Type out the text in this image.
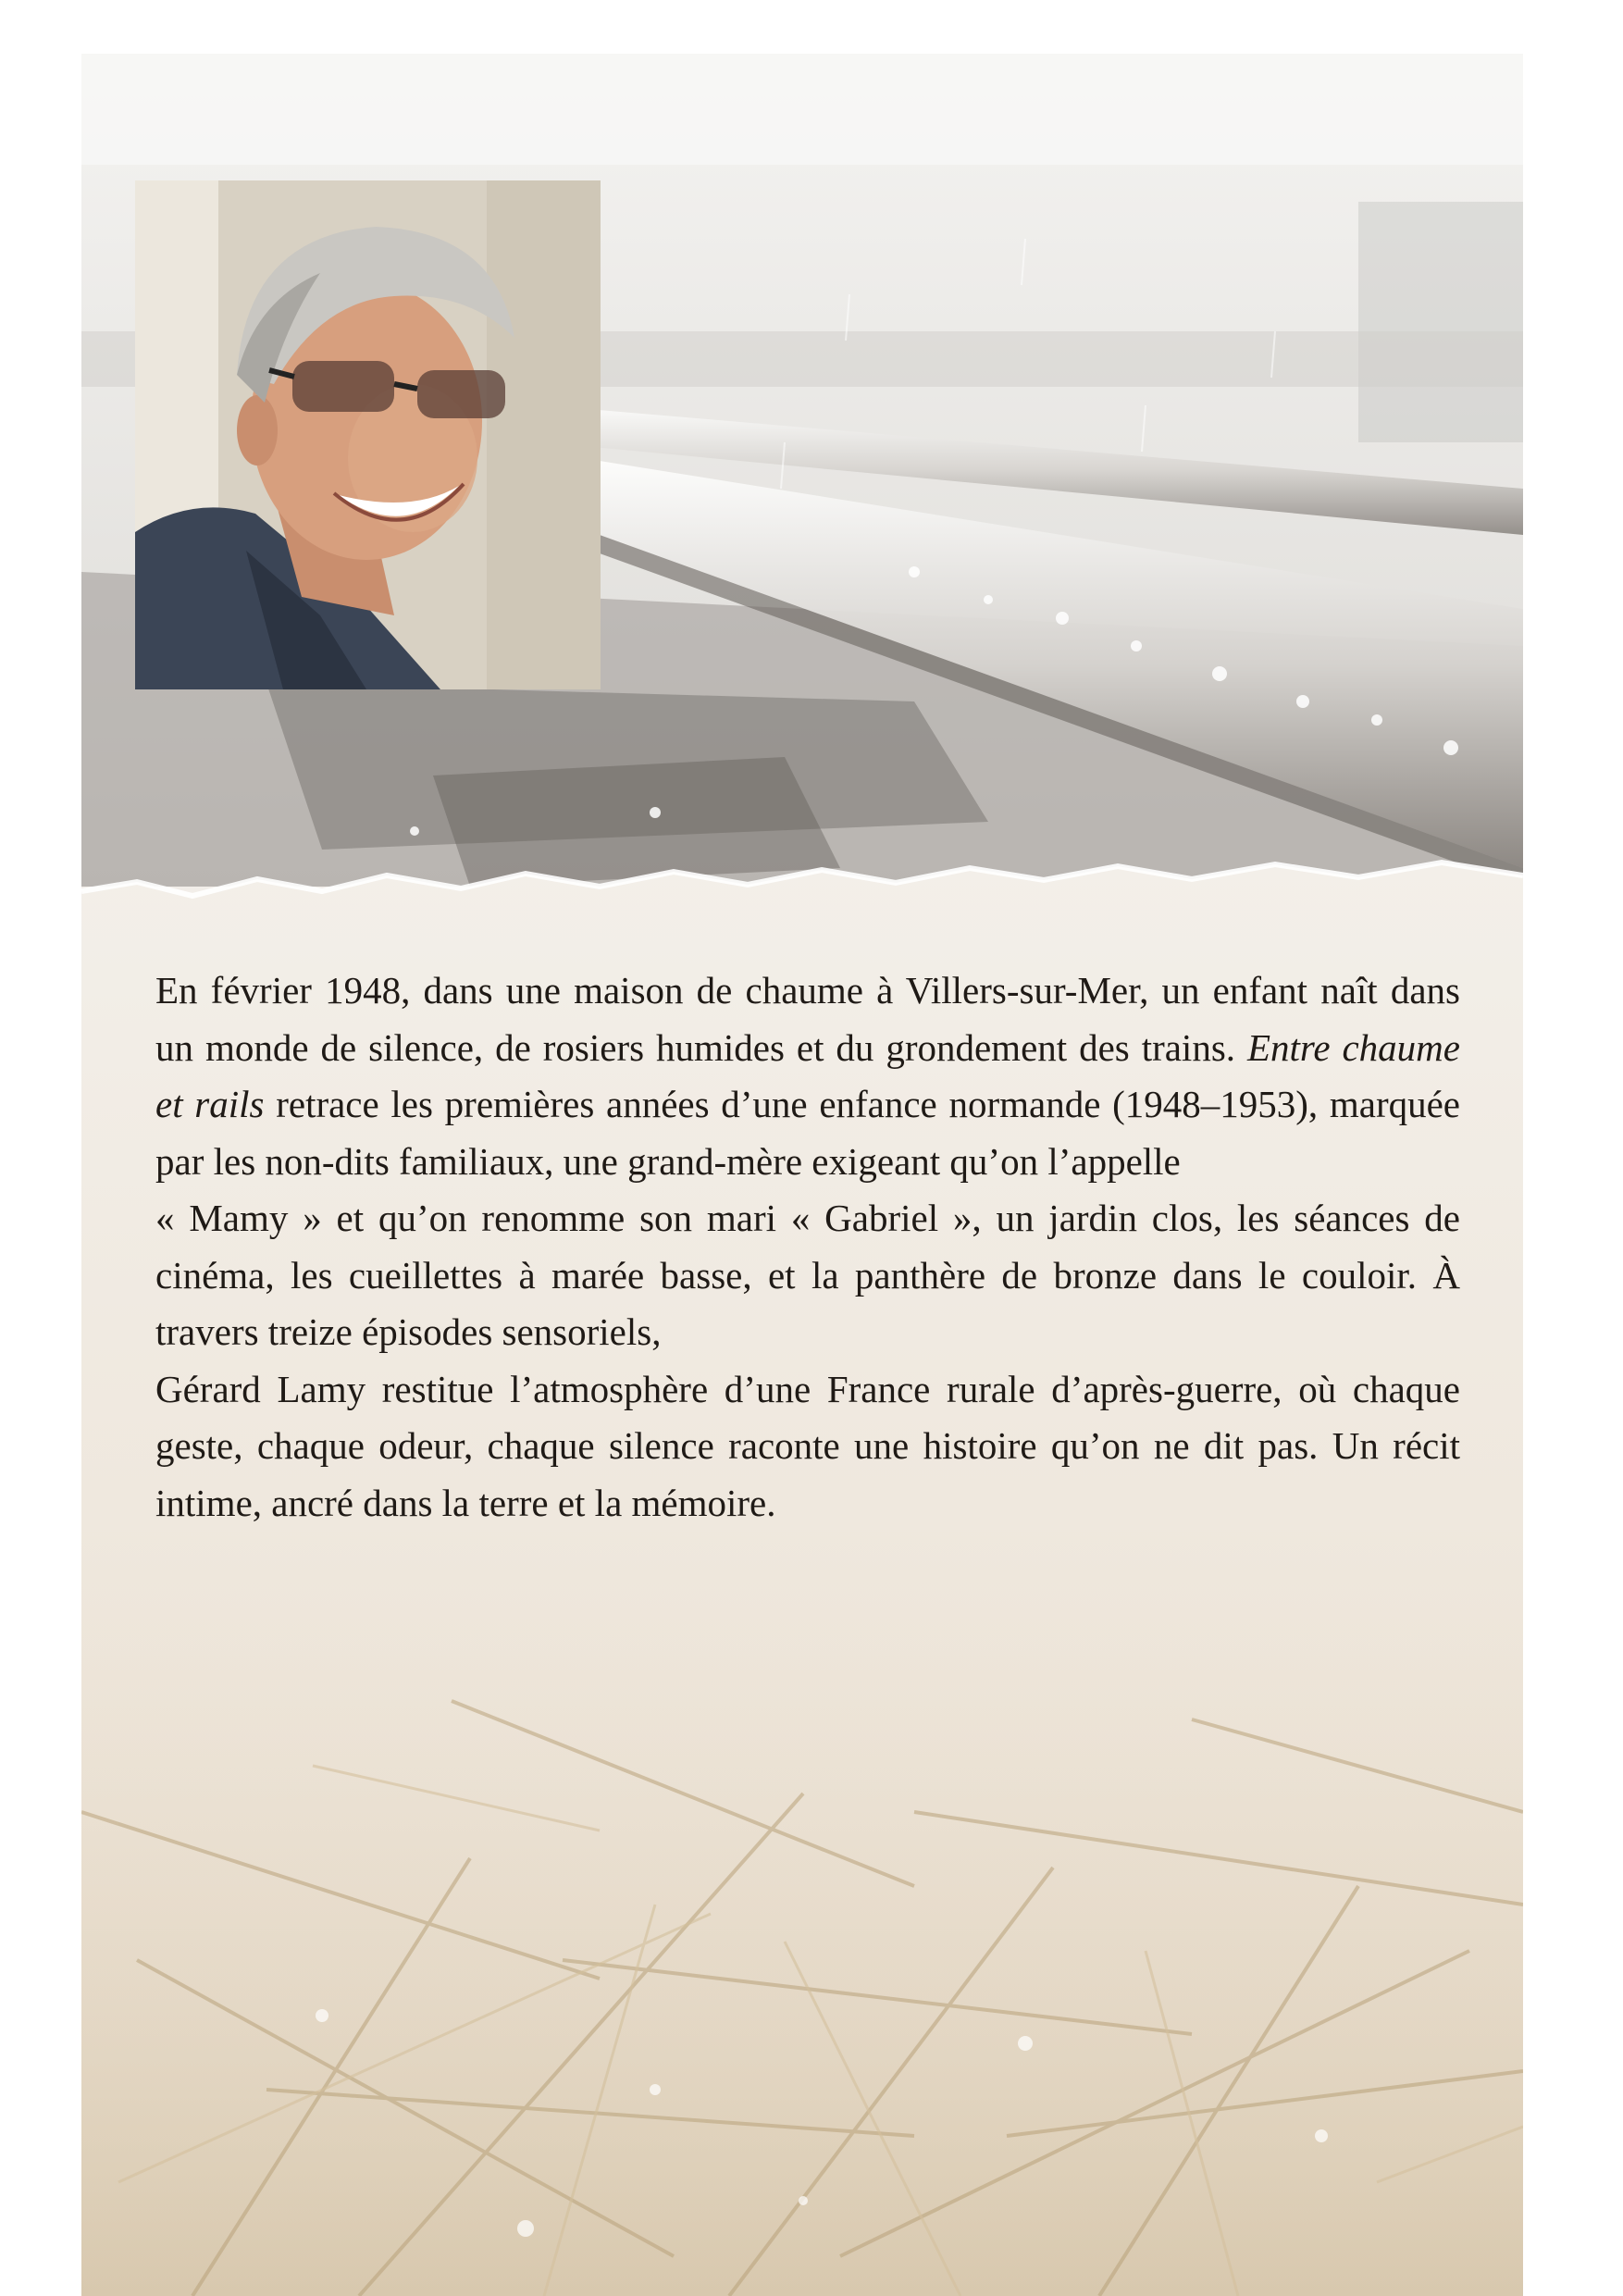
En février 1948, dans une maison de chaume à Villers-sur-Mer, un enfant naît dans un monde de silence, de rosiers humides et du grondement des trains. Entre chaume et rails retrace les premières années d’une enfance normande (1948–1953), marquée par les non-dits familiaux, une grand-mère exigeant qu’on l’appelle
« Mamy » et qu’on renomme son mari « Gabriel », un jardin clos, les séances de cinéma, les cueillettes à marée basse, et la panthère de bronze dans le couloir. À travers treize épisodes sensoriels,
Gérard Lamy restitue l’atmosphère d’une France rurale d’après-guerre, où chaque geste, chaque odeur, chaque silence raconte une histoire qu’on ne dit pas. Un récit intime, ancré dans la terre et la mémoire.
